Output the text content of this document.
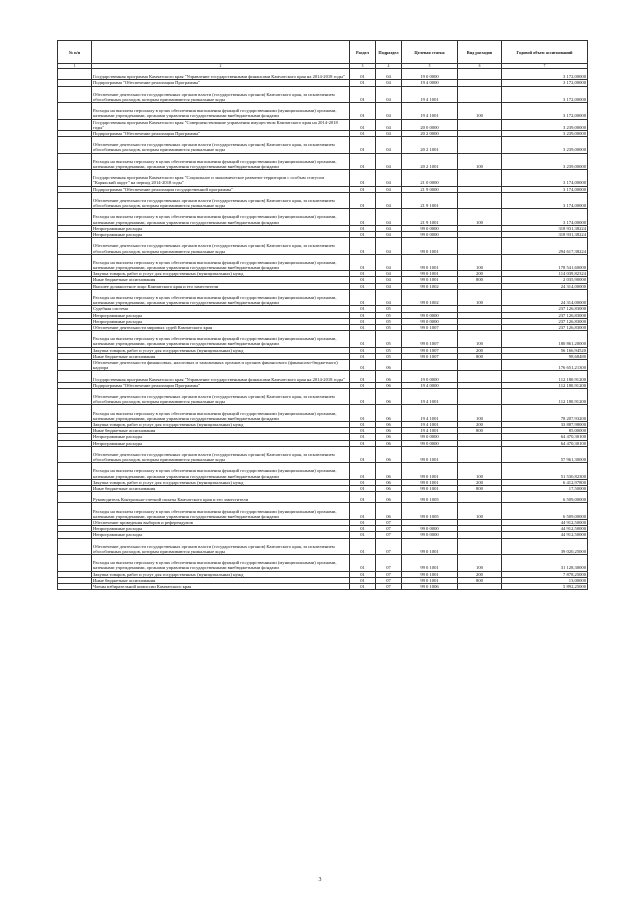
№ п/п		Раздел	Подраздел	Целевая статья	Вид расходов	Годовой объем ассигнований
1	2	3	4	5	6	7
	Государственная программа Камчатского края "Управление государственными финансами Камчатского края на 2014-2018 годы"	01	04	19 0 0000		3 172,00000
	Подпрограмма "Обеспечение реализации Программы"	01	04	19 4 0000		3 172,00000
	Обеспечение деятельности государственных органов власти (государственных органов) Камчатского края, за исключением обособленных расходов, которым присваиваются уникальные коды	01	04	19 4 1001		3 172,00000
	Расходы на выплаты персоналу в целях обеспечения выполнения функций государственными (муниципальными) органами, казенными учреждениями, органами управления государственными внебюджетными фондами	01	04	19 4 1001	100	3 172,00000
	Государственная программа Камчатского края "Совершенствование управления имуществом Камчатского края на 2014-2018 годы"	01	04	20 0 0000		3 239,00000
	Подпрограмма "Обеспечение реализации Программы"	01	04	20 2 0000		3 239,00000
	Обеспечение деятельности государственных органов власти (государственных органов) Камчатского края, за исключением обособленных расходов, которым присваиваются уникальные коды	01	04	20 2 1001		3 239,00000
	Расходы на выплаты персоналу в целях обеспечения выполнения функций государственными (муниципальными) органами, казенными учреждениями, органами управления государственными внебюджетными фондами	01	04	20 2 1001	100	3 239,00000
	Государственная программа Камчатского края "Социальное и экономическое развитие территории с особым статусом "Корякский округ" на период 2014-2018 годы"	01	04	21 0 0000		3 174,00000
	Подпрограмма "Обеспечение реализации государственной программы"	01	04	21 9 0000		3 174,00000
	Обеспечение деятельности государственных органов власти (государственных органов) Камчатского края, за исключением обособленных расходов, которым присваиваются уникальные коды	01	04	21 9 1001		3 174,00000
	Расходы на выплаты персоналу в целях обеспечения выполнения функций государственными (муниципальными) органами, казенными учреждениями, органами управления государственными внебюджетными фондами	01	04	21 9 1001	100	3 174,00000
	Непрограммные расходы	01	04	99 0 0000		318 931,38224
	Непрограммные расходы	01	04	99 0 0000		318 931,38224
	Обеспечение деятельности государственных органов власти (государственных органов) Камчатского края, за исключением обособленных расходов, которым присваиваются уникальные коды	01	04	99 0 1001		294 617,38224
	Расходы на выплаты персоналу в целях обеспечения выполнения функций государственными (муниципальными) органами, казенными учреждениями, органами управления государственными внебюджетными фондами	01	04	99 0 1001	100	178 541,60000
	Закупка товаров, работ и услуг для государственных (муниципальных) нужд	01	04	99 0 1001	200	114 039,82324
	Иные бюджетные ассигнования	01	04	99 0 1001	800	2 035,90000
	Высшее должностное лицо Камчатского края и его заместители	01	04	99 0 1002		24 314,00000
	Расходы на выплаты персоналу в целях обеспечения выполнения функций государственными (муниципальными) органами, казенными учреждениями, органами управления государственными внебюджетными фондами	01	04	99 0 1002	100	24 314,00000
	Судебная система	01	05			237 126,83000
	Непрограммные расходы	01	05	99 0 0000		237 126,83000
	Непрограммные расходы	01	05	99 0 0000		237 126,83000
	Обеспечение деятельности мировых судей Камчатского края	01	05	99 0 1007		237 126,83000
	Расходы на выплаты персоналу в целях обеспечения выполнения функций государственными (муниципальными) органами, казенными учреждениями, органами управления государственными внебюджетными фондами	01	05	99 0 1007	100	180 861,20000
	Закупка товаров, работ и услуг для государственных (муниципальных) нужд	01	05	99 0 1007	200	56 166,94520
	Иные бюджетные ассигнования	01	05	99 0 1007	800	98,68480
	Обеспечение деятельности финансовых, налоговых и таможенных органов и органов финансового (финансово-бюджетного) надзора	01	06			176 651,21300
	Государственная программа Камчатского края "Управление государственными финансами Камчатского края на 2014-2018 годы"	01	06	19 0 0000		112 180,91200
	Подпрограмма "Обеспечение реализации Программы"	01	06	19 4 0000		112 180,91200
	Обеспечение деятельности государственных органов власти (государственных органов) Камчатского края, за исключением обособленных расходов, которым присваиваются уникальные коды	01	06	19 4 1001		112 180,91200
	Расходы на выплаты персоналу в целях обеспечения выполнения функций государственными (муниципальными) органами, казенными учреждениями, органами управления государственными внебюджетными фондами	01	06	19 4 1001	100	78 207,93200
	Закупка товаров, работ и услуг для государственных (муниципальных) нужд	01	06	19 4 1001	200	33 887,98000
	Иные бюджетные ассигнования	01	06	19 4 1001	800	85,00000
	Непрограммные расходы	01	06	99 0 0000		64 470,30100
	Непрограммные расходы	01	06	99 0 0000		64 470,30100
	Обеспечение деятельности государственных органов власти (государственных органов) Камчатского края, за исключением обособленных расходов, которым присваиваются уникальные коды	01	06	99 0 1001		57 961,30000
	Расходы на выплаты персоналу в целях обеспечения выполнения функций государственными (муниципальными) органами, казенными учреждениями, органами управления государственными внебюджетными фондами	01	06	99 0 1001	100	51 530,82300
	Закупка товаров, работ и услуг для государственных (муниципальных) нужд	01	06	99 0 1001	200	6 412,97800
	Иные бюджетные ассигнования	01	06	99 0 1001	800	17,50000
	Руководитель Контрольно-счетной палаты Камчатского края и его заместители	01	06	99 0 1005		6 509,00000
	Расходы на выплаты персоналу в целях обеспечения выполнения функций государственными (муниципальными) органами, казенными учреждениями, органами управления государственными внебюджетными фондами	01	06	99 0 1005	100	6 509,00000
	Обеспечение проведения выборов и референдумов	01	07			44 912,50000
	Непрограммные расходы	01	07	99 0 0000		44 912,50000
	Непрограммные расходы	01	07	99 0 0000		44 912,50000
	Обеспечение деятельности государственных органов власти (государственных органов) Камчатского края, за исключением обособленных расходов, которым присваиваются уникальные коды	01	07	99 0 1001		39 020,25000
	Расходы на выплаты персоналу в целях обеспечения выполнения функций государственными (муниципальными) органами, казенными учреждениями, органами управления государственными внебюджетными фондами	01	07	99 0 1001	100	31 128,30000
	Закупка товаров, работ и услуг для государственных (муниципальных) нужд	01	07	99 0 1001	200	7 878,25000
	Иные бюджетные ассигнования	01	07	99 0 1001	800	13,00000
	Члены избирательной комиссии Камчатского края	01	07	99 0 1006		5 892,25000
3
